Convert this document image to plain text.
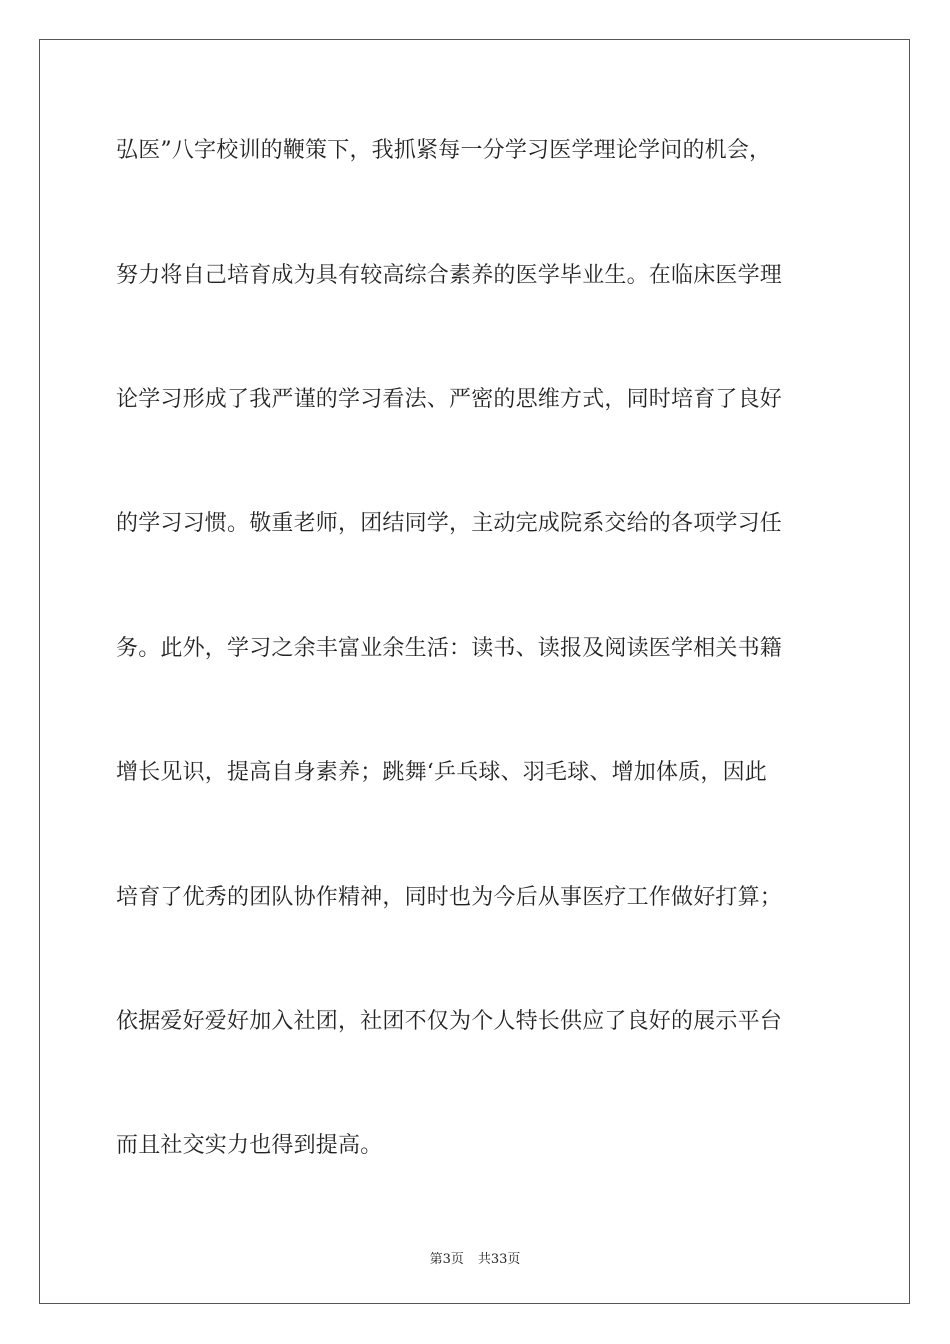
弘医”八字校训的鞭策下，我抓紧每一分学习医学理论学问的机会，
努力将自己培育成为具有较高综合素养的医学毕业生。在临床医学理
论学习形成了我严谨的学习看法、严密的思维方式，同时培育了良好
的学习习惯。敬重老师，团结同学，主动完成院系交给的各项学习任
务。此外，学习之余丰富业余生活：读书、读报及阅读医学相关书籍
增长见识，提高自身素养；跳舞‘乒乓球、羽毛球、增加体质，因此
培育了优秀的团队协作精神，同时也为今后从事医疗工作做好打算；
依据爱好爱好加入社团，社团不仅为个人特长供应了良好的展示平台
而且社交实力也得到提高。
第3页 共33页
